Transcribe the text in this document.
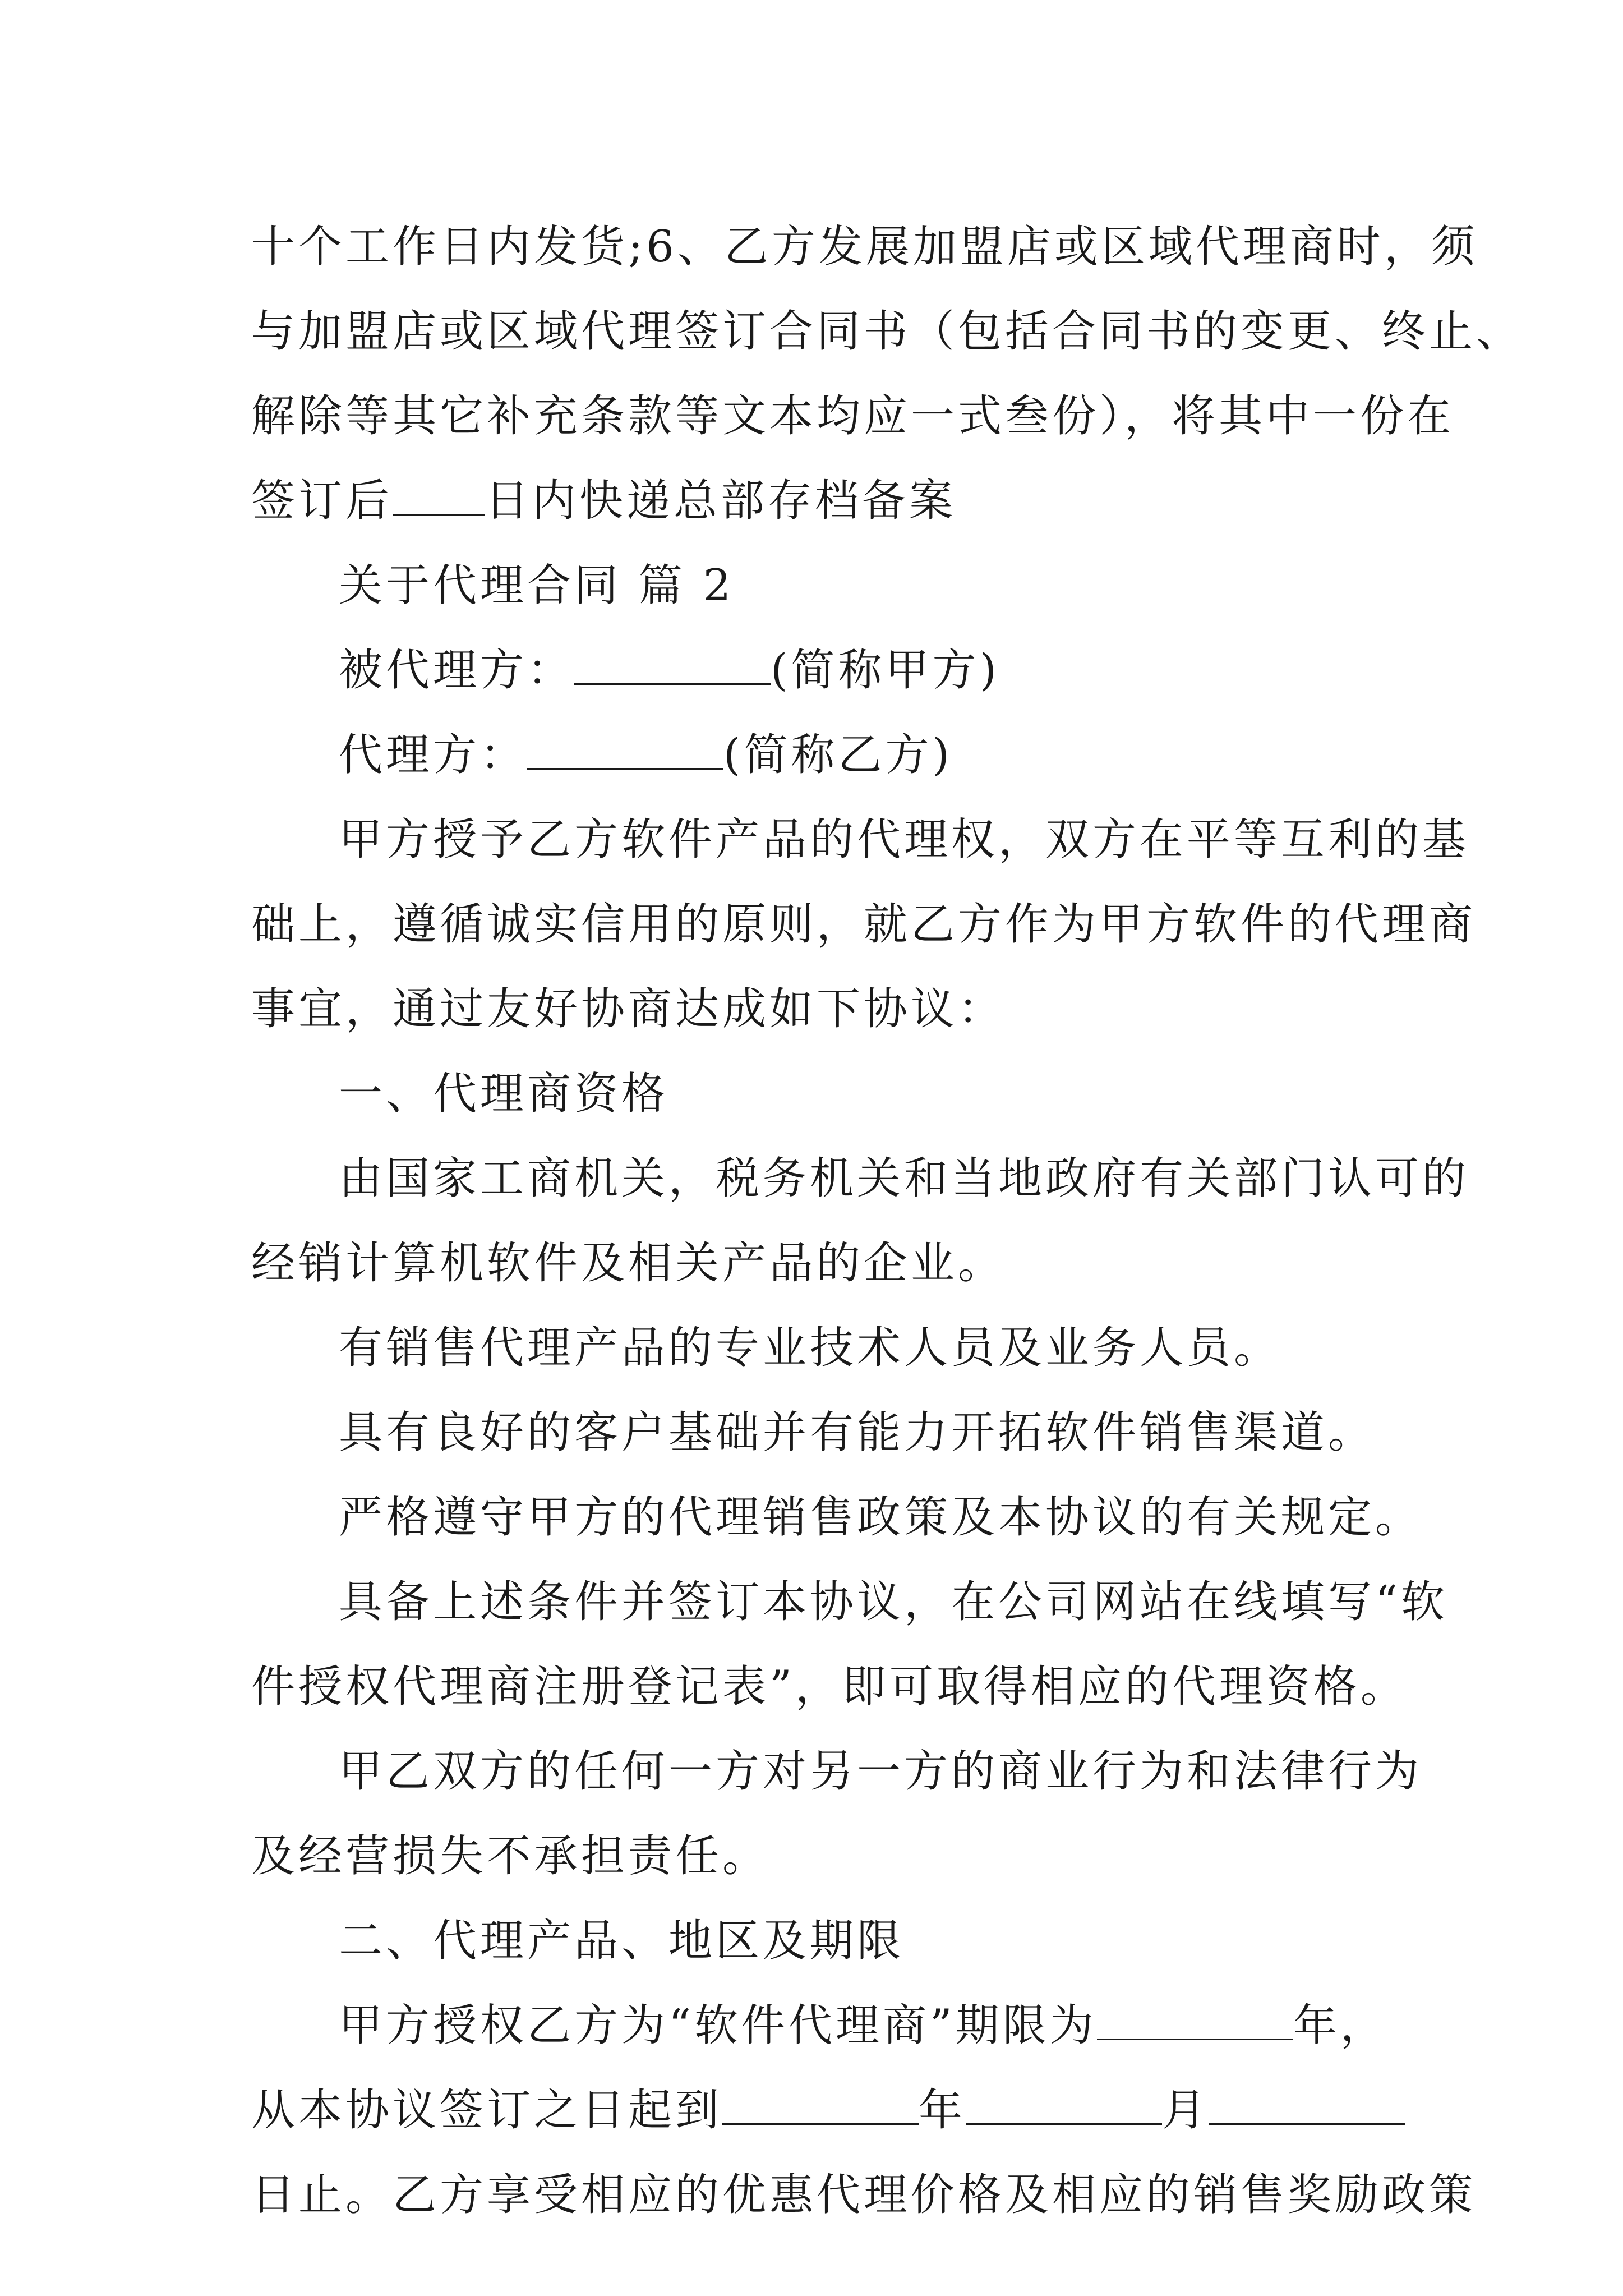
十个工作日内发货;6、乙方发展加盟店或区域代理商时，须
与加盟店或区域代理签订合同书（包括合同书的变更、终止、
解除等其它补充条款等文本均应一式叁份），将其中一份在
签订后 日内快递总部存档备案
关于代理合同 篇 2
被代理方：	(简称甲方)
代理方：	(简称乙方)
甲方授予乙方软件产品的代理权，双方在平等互利的基
础上，遵循诚实信用的原则，就乙方作为甲方软件的代理商
事宜，通过友好协商达成如下协议：
一、代理商资格
由国家工商机关，税务机关和当地政府有关部门认可的
经销计算机软件及相关产品的企业。
有销售代理产品的专业技术人员及业务人员。
具有良好的客户基础并有能力开拓软件销售渠道。
严格遵守甲方的代理销售政策及本协议的有关规定。
具备上述条件并签订本协议，在公司网站在线填写“软
件授权代理商注册登记表”，即可取得相应的代理资格。
甲乙双方的任何一方对另一方的商业行为和法律行为
及经营损失不承担责任。
二、代理产品、地区及期限
甲方授权乙方为“软件代理商”期限为	年，
从本协议签订之日起到	年	月
日止。乙方享受相应的优惠代理价格及相应的销售奖励政策
